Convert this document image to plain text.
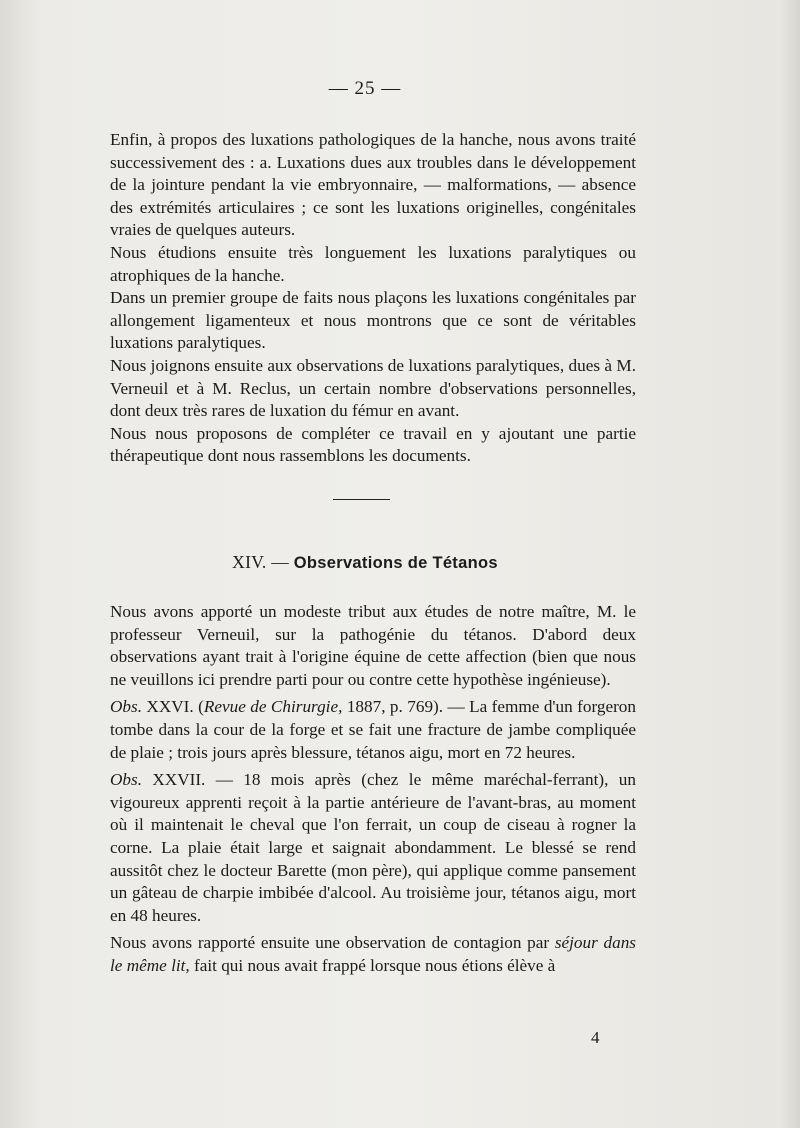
— 25 —

Enfin, à propos des luxations pathologiques de la hanche, nous avons traité successivement des : a. Luxations dues aux troubles dans le développement de la jointure pendant la vie embryonnaire, — malformations, — absence des extrémités articulaires ; ce sont les luxations originelles, congénitales vraies de quelques auteurs.

Nous étudions ensuite très longuement les luxations paralytiques ou atrophiques de la hanche.

Dans un premier groupe de faits nous plaçons les luxations congénitales par allongement ligamenteux et nous montrons que ce sont de véritables luxations paralytiques.

Nous joignons ensuite aux observations de luxations paralytiques, dues à M. Verneuil et à M. Reclus, un certain nombre d'observations personnelles, dont deux très rares de luxation du fémur en avant.

Nous nous proposons de compléter ce travail en y ajoutant une partie thérapeutique dont nous rassemblons les documents.

XIV. — Observations de Tétanos

Nous avons apporté un modeste tribut aux études de notre maître, M. le professeur Verneuil, sur la pathogénie du tétanos. D'abord deux observations ayant trait à l'origine équine de cette affection (bien que nous ne veuillons ici prendre parti pour ou contre cette hypothèse ingénieuse).

Obs. XXVI. (Revue de Chirurgie, 1887, p. 769). — La femme d'un forgeron tombe dans la cour de la forge et se fait une fracture de jambe compliquée de plaie ; trois jours après blessure, tétanos aigu, mort en 72 heures.

Obs. XXVII. — 18 mois après (chez le même maréchal-ferrant), un vigoureux apprenti reçoit à la partie antérieure de l'avant-bras, au moment où il maintenait le cheval que l'on ferrait, un coup de ciseau à rogner la corne. La plaie était large et saignait abondamment. Le blessé se rend aussitôt chez le docteur Barette (mon père), qui applique comme pansement un gâteau de charpie imbibée d'alcool. Au troisième jour, tétanos aigu, mort en 48 heures.

Nous avons rapporté ensuite une observation de contagion par séjour dans le même lit, fait qui nous avait frappé lorsque nous étions élève à

4
